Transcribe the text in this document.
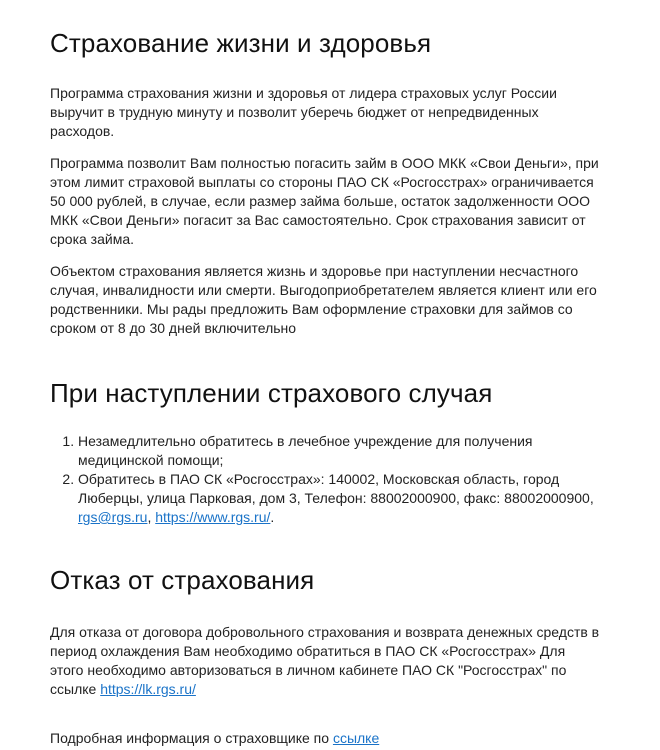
Страхование жизни и здоровья

Программа страхования жизни и здоровья от лидера страховых услуг России выручит в трудную минуту и позволит уберечь бюджет от непредвиденных расходов.

Программа позволит Вам полностью погасить займ в ООО МКК «Свои Деньги», при этом лимит страховой выплаты со стороны ПАО СК «Росгосстрах» ограничивается 50 000 рублей, в случае, если размер займа больше, остаток задолженности ООО МКК «Свои Деньги» погасит за Вас самостоятельно. Срок страхования зависит от срока займа.

Объектом страхования является жизнь и здоровье при наступлении несчастного случая, инвалидности или смерти. Выгодоприобретателем является клиент или его родственники. Мы рады предложить Вам оформление страховки для займов со сроком от 8 до 30 дней включительно

При наступлении страхового случая
1. Незамедлительно обратитесь в лечебное учреждение для получения медицинской помощи;
2. Обратитесь в ПАО СК «Росгосстрах»: 140002, Московская область, город Люберцы, улица Парковая, дом 3, Телефон: 88002000900, факс: 88002000900, rgs@rgs.ru, https://www.rgs.ru/.
Отказ от страхования

Для отказа от договора добровольного страхования и возврата денежных средств в период охлаждения Вам необходимо обратиться в ПАО СК «Росгосстрах» Для этого необходимо авторизоваться в личном кабинете ПАО СК "Росгосстрах" по ссылке https://lk.rgs.ru/

Подробная информация о страховщике по ссылке
